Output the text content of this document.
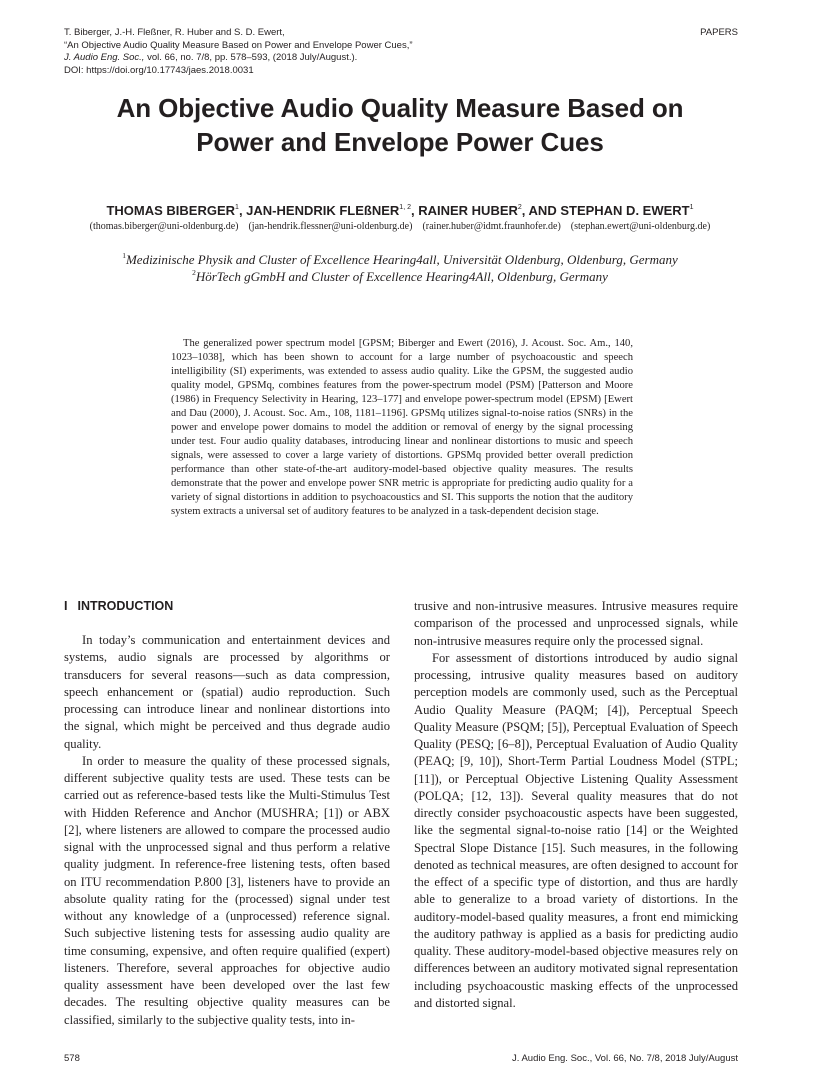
T. Biberger, J.-H. Fleßner, R. Huber and S. D. Ewert,
“An Objective Audio Quality Measure Based on Power and Envelope Power Cues,”
J. Audio Eng. Soc., vol. 66, no. 7/8, pp. 578–593, (2018 July/August.).
DOI: https://doi.org/10.17743/jaes.2018.0031
PAPERS
An Objective Audio Quality Measure Based on
Power and Envelope Power Cues
THOMAS BIBERGER$^1$, JAN-HENDRIK FLEßNER$^{1, 2}$, RAINER HUBER$^2$, AND STEPHAN D. EWERT$^1$
(thomas.biberger@uni-oldenburg.de) (jan-hendrik.flessner@uni-oldenburg.de) (rainer.huber@idmt.fraunhofer.de) (stephan.ewert@uni-oldenburg.de)
$^1$Medizinische Physik and Cluster of Excellence Hearing4all, Universität Oldenburg, Oldenburg, Germany
$^2$HörTech gGmbH and Cluster of Excellence Hearing4All, Oldenburg, Germany
The generalized power spectrum model [GPSM; Biberger and Ewert (2016), J. Acoust. Soc. Am., 140, 1023–1038], which has been shown to account for a large number of psychoacoustic and speech intelligibility (SI) experiments, was extended to assess audio quality. Like the GPSM, the suggested audio quality model, GPSMq, combines features from the power-spectrum model (PSM) [Patterson and Moore (1986) in Frequency Selectivity in Hearing, 123–177] and envelope power-spectrum model (EPSM) [Ewert and Dau (2000), J. Acoust. Soc. Am., 108, 1181–1196]. GPSMq utilizes signal-to-noise ratios (SNRs) in the power and envelope power domains to model the addition or removal of energy by the signal processing under test. Four audio quality databases, introducing linear and nonlinear distortions to music and speech signals, were assessed to cover a large variety of distortions. GPSMq provided better overall prediction performance than other state-of-the-art auditory-model-based objective quality measures. The results demonstrate that the power and envelope power SNR metric is appropriate for predicting audio quality for a variety of signal distortions in addition to psychoacoustics and SI. This supports the notion that the auditory system extracts a universal set of auditory features to be analyzed in a task-dependent decision stage.
I INTRODUCTION

In today’s communication and entertainment devices and systems, audio signals are processed by algorithms or transducers for several reasons—such as data compression, speech enhancement or (spatial) audio reproduction. Such processing can introduce linear and nonlinear distortions into the signal, which might be perceived and thus degrade audio quality.

In order to measure the quality of these processed signals, different subjective quality tests are used. These tests can be carried out as reference-based tests like the Multi-Stimulus Test with Hidden Reference and Anchor (MUSHRA; [1]) or ABX [2], where listeners are allowed to compare the processed audio signal with the unprocessed signal and thus perform a relative quality judgment. In reference-free listening tests, often based on ITU recommendation P.800 [3], listeners have to provide an absolute quality rating for the (processed) signal under test without any knowledge of a (unprocessed) reference signal. Such subjective listening tests for assessing audio quality are time consuming, expensive, and often require qualified (expert) listeners. Therefore, several approaches for objective audio quality assessment have been developed over the last few decades. The resulting objective quality measures can be classified, similarly to the subjective quality tests, into in-

trusive and non-intrusive measures. Intrusive measures require comparison of the processed and unprocessed signals, while non-intrusive measures require only the processed signal.

For assessment of distortions introduced by audio signal processing, intrusive quality measures based on auditory perception models are commonly used, such as the Perceptual Audio Quality Measure (PAQM; [4]), Perceptual Speech Quality Measure (PSQM; [5]), Perceptual Evaluation of Speech Quality (PESQ; [6–8]), Perceptual Evaluation of Audio Quality (PEAQ; [9, 10]), Short-Term Partial Loudness Model (STPL; [11]), or Perceptual Objective Listening Quality Assessment (POLQA; [12, 13]). Several quality measures that do not directly consider psychoacoustic aspects have been suggested, like the segmental signal-to-noise ratio [14] or the Weighted Spectral Slope Distance [15]. Such measures, in the following denoted as technical measures, are often designed to account for the effect of a specific type of distortion, and thus are hardly able to generalize to a broad variety of distortions. In the auditory-model-based quality measures, a front end mimicking the auditory pathway is applied as a basis for predicting audio quality. These auditory-model-based objective measures rely on differences between an auditory motivated signal representation including psychoacoustic masking effects of the unprocessed and distorted signal.

578	J. Audio Eng. Soc., Vol. 66, No. 7/8, 2018 July/August
